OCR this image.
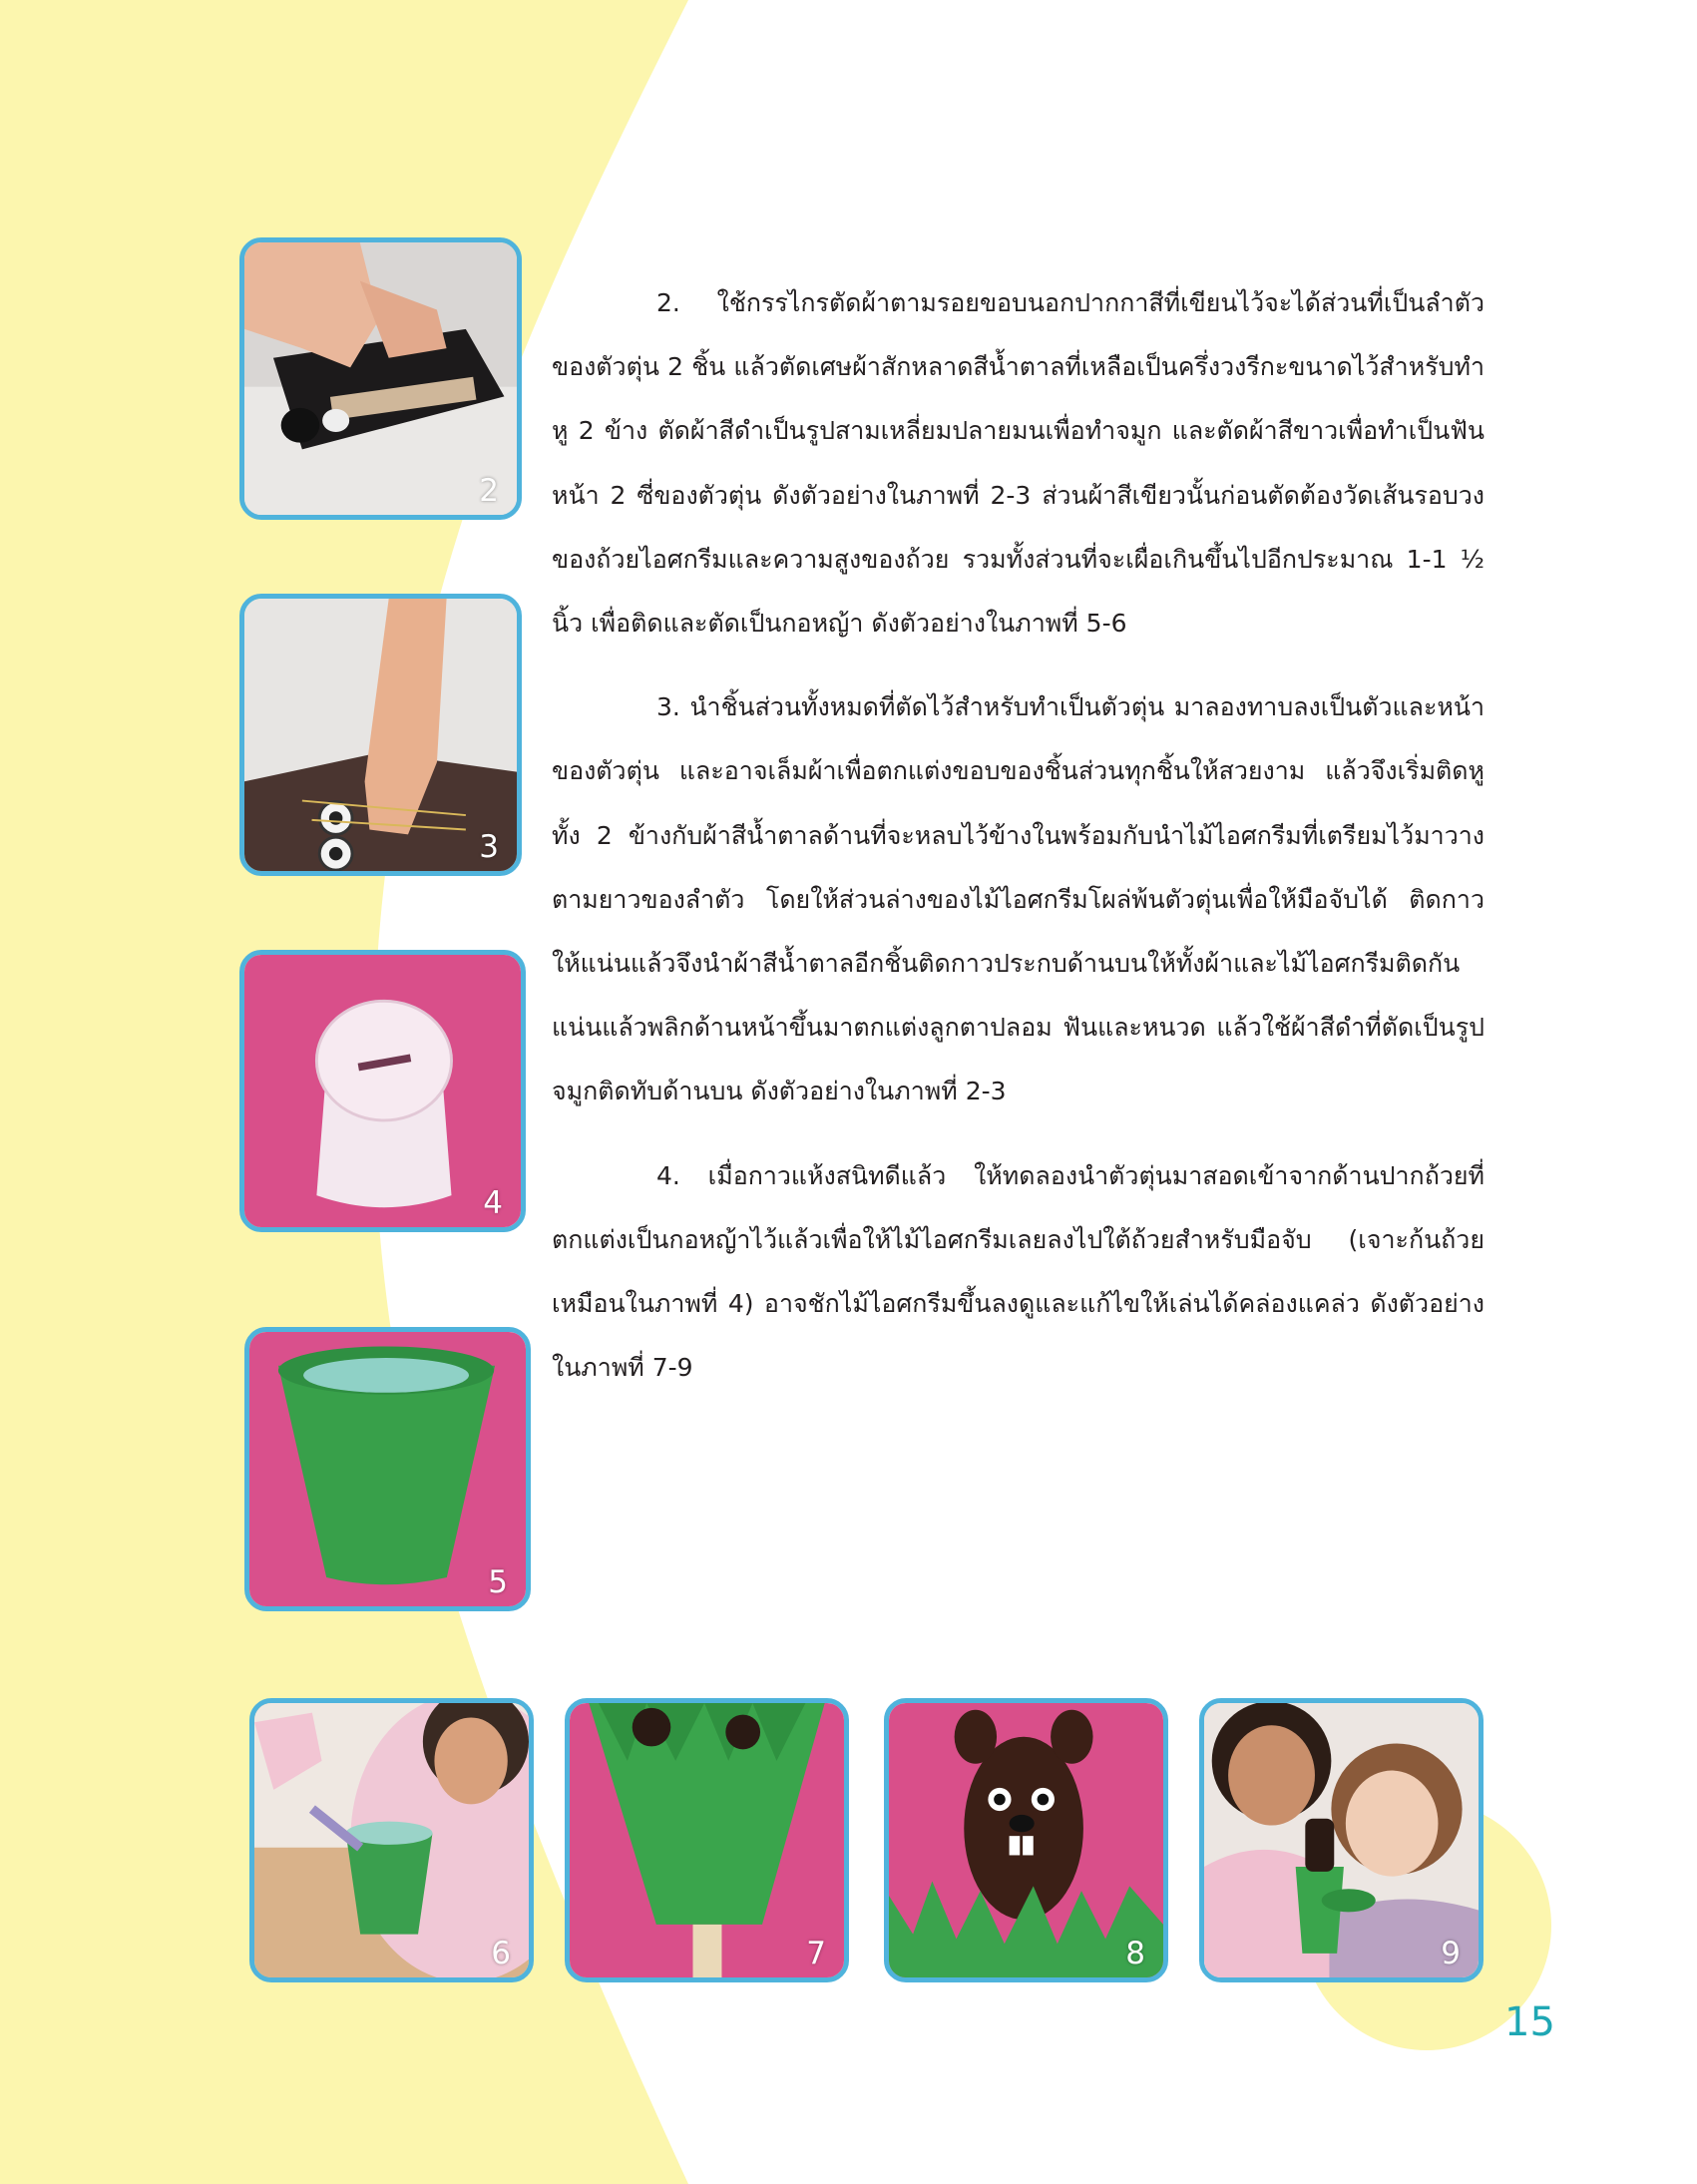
2
3
4
5
6	7	8	9

2. ใช้กรรไกรตัดผ้าตามรอยขอบนอกปากกาสีที่เขียนไว้จะได้ส่วนที่เป็นลำตัวของตัวตุ่น 2 ชิ้น แล้วตัดเศษผ้าสักหลาดสีน้ำตาลที่เหลือเป็นครึ่งวงรีกะขนาดไว้สำหรับทำหู 2 ข้าง ตัดผ้าสีดำเป็นรูปสามเหลี่ยมปลายมนเพื่อทำจมูก และตัดผ้าสีขาวเพื่อทำเป็นฟันหน้า 2 ซี่ของตัวตุ่น ดังตัวอย่างในภาพที่ 2-3 ส่วนผ้าสีเขียวนั้นก่อนตัดต้องวัดเส้นรอบวงของถ้วยไอศกรีมและความสูงของถ้วย รวมทั้งส่วนที่จะเผื่อเกินขึ้นไปอีกประมาณ 1-1 ½ นิ้ว เพื่อติดและตัดเป็นกอหญ้า ดังตัวอย่างในภาพที่ 5-6

3. นำชิ้นส่วนทั้งหมดที่ตัดไว้สำหรับทำเป็นตัวตุ่น มาลองทาบลงเป็นตัวและหน้าของตัวตุ่น และอาจเล็มผ้าเพื่อตกแต่งขอบของชิ้นส่วนทุกชิ้นให้สวยงาม แล้วจึงเริ่มติดหูทั้ง 2 ข้างกับผ้าสีน้ำตาลด้านที่จะหลบไว้ข้างในพร้อมกับนำไม้ไอศกรีมที่เตรียมไว้มาวางตามยาวของลำตัว โดยให้ส่วนล่างของไม้ไอศกรีมโผล่พ้นตัวตุ่นเพื่อให้มือจับได้ ติดกาวให้แน่นแล้วจึงนำผ้าสีน้ำตาลอีกชิ้นติดกาวประกบด้านบนให้ทั้งผ้าและไม้ไอศกรีมติดกันแน่นแล้วพลิกด้านหน้าขึ้นมาตกแต่งลูกตาปลอม ฟันและหนวด แล้วใช้ผ้าสีดำที่ตัดเป็นรูปจมูกติดทับด้านบน ดังตัวอย่างในภาพที่ 2-3

4. เมื่อกาวแห้งสนิทดีแล้ว ให้ทดลองนำตัวตุ่นมาสอดเข้าจากด้านปากถ้วยที่ตกแต่งเป็นกอหญ้าไว้แล้วเพื่อให้ไม้ไอศกรีมเลยลงไปใต้ถ้วยสำหรับมือจับ (เจาะก้นถ้วยเหมือนในภาพที่ 4) อาจชักไม้ไอศกรีมขึ้นลงดูและแก้ไขให้เล่นได้คล่องแคล่ว ดังตัวอย่างในภาพที่ 7-9

15
